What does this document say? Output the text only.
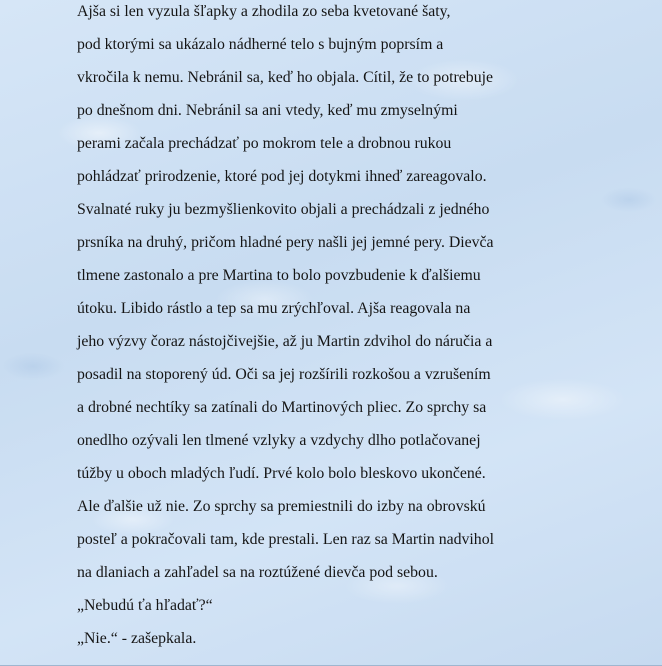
Ajša si len vyzula šľapky a zhodila zo seba kvetované šaty,

pod ktorými sa ukázalo nádherné telo s bujným poprsím a

vkročila k nemu. Nebránil sa, keď ho objala. Cítil, že to potrebuje

po dnešnom dni. Nebránil sa ani vtedy, keď mu zmyselnými

perami začala prechádzať po mokrom tele a drobnou rukou

pohládzať prirodzenie, ktoré pod jej dotykmi ihneď zareagovalo.

Svalnaté ruky ju bezmyšlienkovito objali a prechádzali z jedného

prsníka na druhý, pričom hladné pery našli jej jemné pery. Dievča

tlmene zastonalo a pre Martina to bolo povzbudenie k ďalšiemu

útoku. Libido rástlo a tep sa mu zrýchľoval. Ajša reagovala na

jeho výzvy čoraz nástojčivejšie, až ju Martin zdvihol do náručia a

posadil na stoporený úd. Oči sa jej rozšírili rozkošou a vzrušením

a drobné nechtíky sa zatínali do Martinových pliec. Zo sprchy sa

onedlho ozývali len tlmené vzlyky a vzdychy dlho potlačovanej

túžby u oboch mladých ľudí. Prvé kolo bolo bleskovo ukončené.

Ale ďalšie už nie. Zo sprchy sa premiestnili do izby na obrovskú

posteľ a pokračovali tam, kde prestali. Len raz sa Martin nadvihol

na dlaniach a zahľadel sa na roztúžené dievča pod sebou.

„Nebudú ťa hľadať?“

„Nie.“ - zašepkala.
